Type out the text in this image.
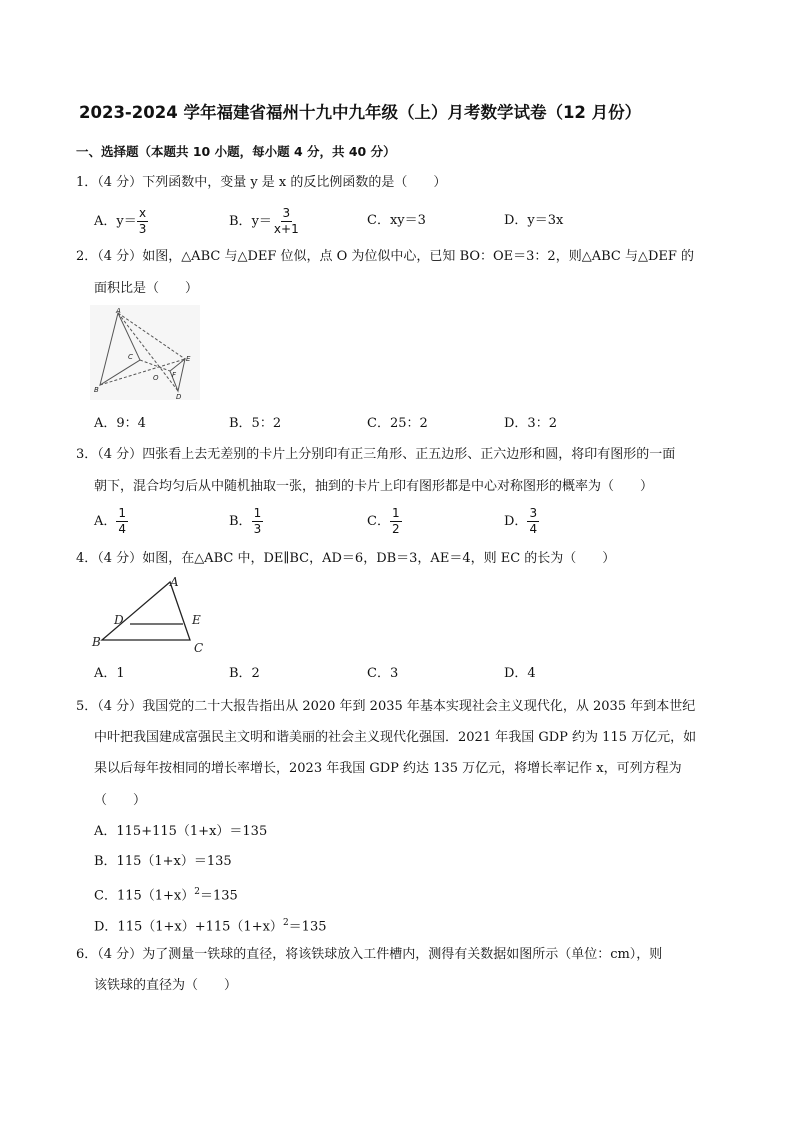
2023-2024 学年福建省福州十九中九年级（上）月考数学试卷（12 月份）
一、选择题（本题共 10 小题，每小题 4 分，共 40 分）
1．（4 分）下列函数中，变量 y 是 x 的反比例函数的是（　　）
A．$y= \frac{x}{3}$	B．$y= \frac{3}{x+1}$	C．xy＝3	D．y＝3x
2．（4 分）如图，△ABC 与△DEF 位似，点 O 为位似中心，已知 BO：OE＝3：2，则△ABC 与△DEF 的
面积比是（　　）
A
B
C
O
E
F
D
A．9：4	B．5：2	C．25：2	D．3：2
3．（4 分）四张看上去无差别的卡片上分别印有正三角形、正五边形、正六边形和圆，将印有图形的一面
朝下，混合均匀后从中随机抽取一张，抽到的卡片上印有图形都是中心对称图形的概率为（　　）
A． $\frac{1}{4}$	B． $\frac{1}{3}$	C． $\frac{1}{2}$	D． $\frac{3}{4}$
4．（4 分）如图，在△ABC 中，DE∥BC，AD＝6，DB＝3，AE＝4，则 EC 的长为（　　）
A
D	E
B	C
A．1	B．2	C．3	D．4
5．（4 分）我国党的二十大报告指出从 2020 年到 2035 年基本实现社会主义现代化，从 2035 年到本世纪
中叶把我国建成富强民主文明和谐美丽的社会主义现代化强国．2021 年我国 GDP 约为 115 万亿元，如
果以后每年按相同的增长率增长，2023 年我国 GDP 约达 135 万亿元，将增长率记作 x，可列方程为
（　　）
A．115+115（1+x）＝135
B．115（1+x）＝135
C．$115(1+x)^2=135$
D．$115(1+x)+115(1+x)^2=135$
6．（4 分）为了测量一铁球的直径，将该铁球放入工件槽内，测得有关数据如图所示（单位：cm），则
该铁球的直径为（　　）
